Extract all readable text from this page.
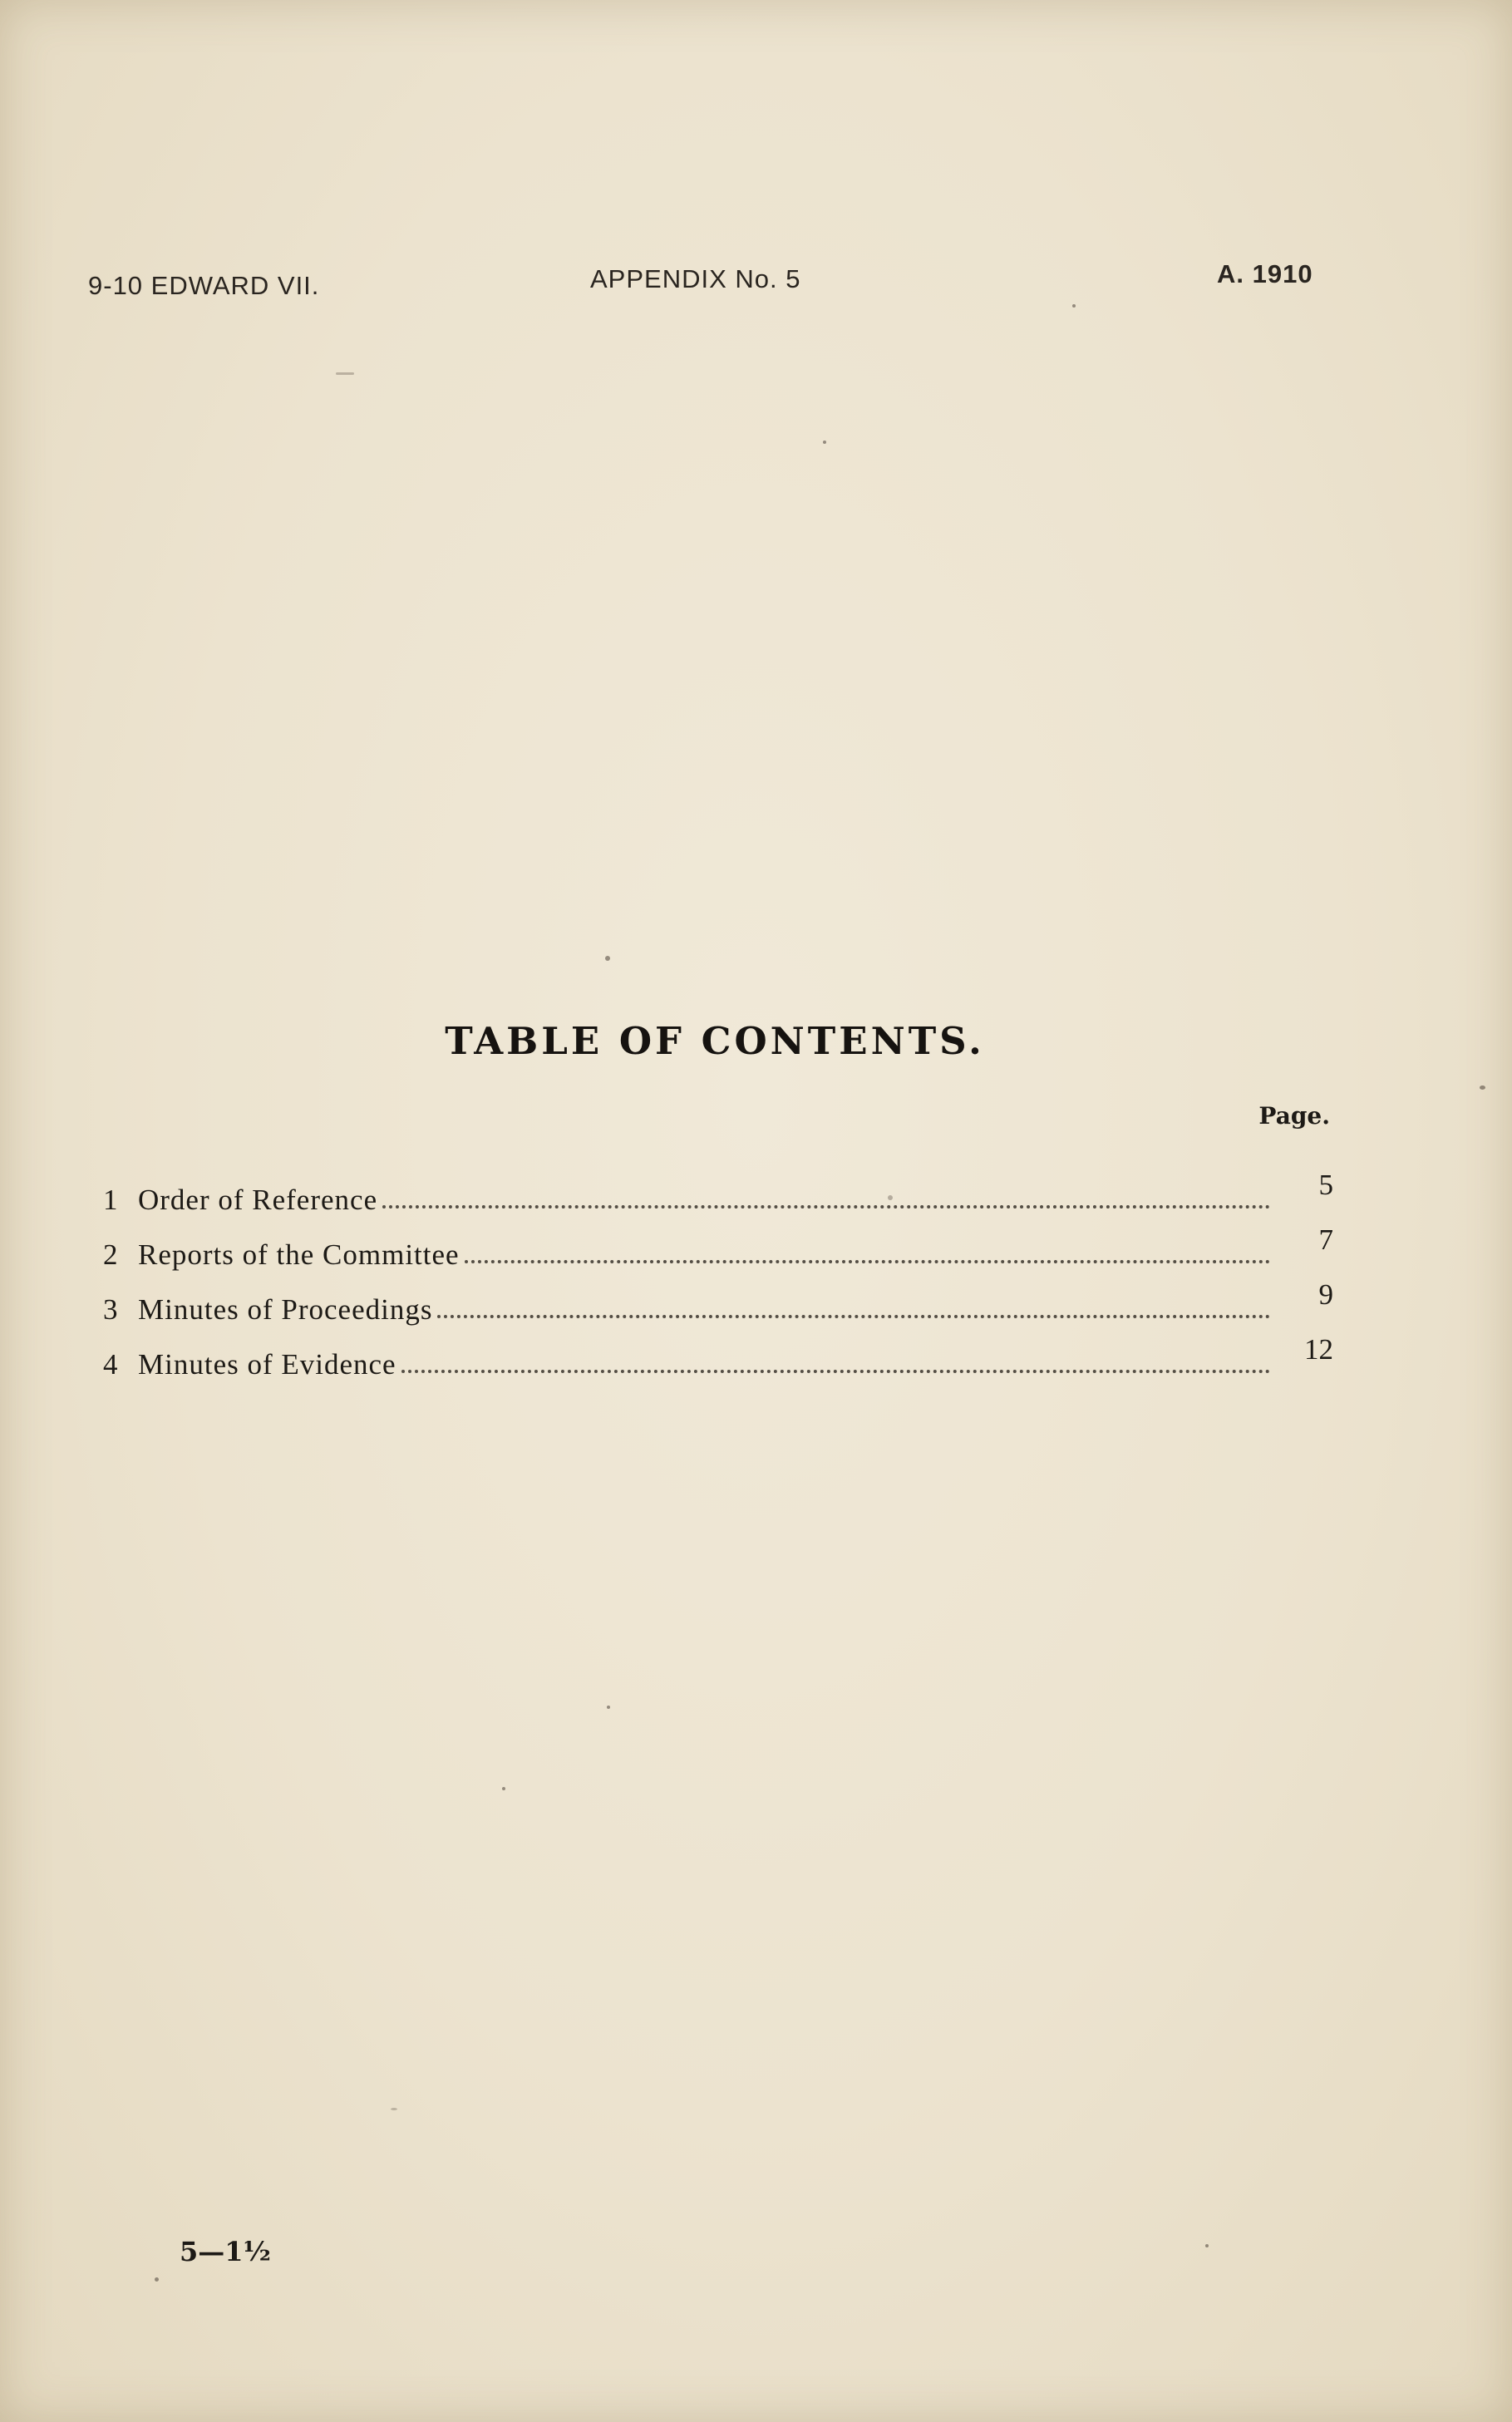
9-10 EDWARD VII.	APPENDIX No. 5	A. 1910
TABLE OF CONTENTS.
Page.
1 Order of Reference	5
2 Reports of the Committee	7
3 Minutes of Proceedings	9
4 Minutes of Evidence	12
5—1½
